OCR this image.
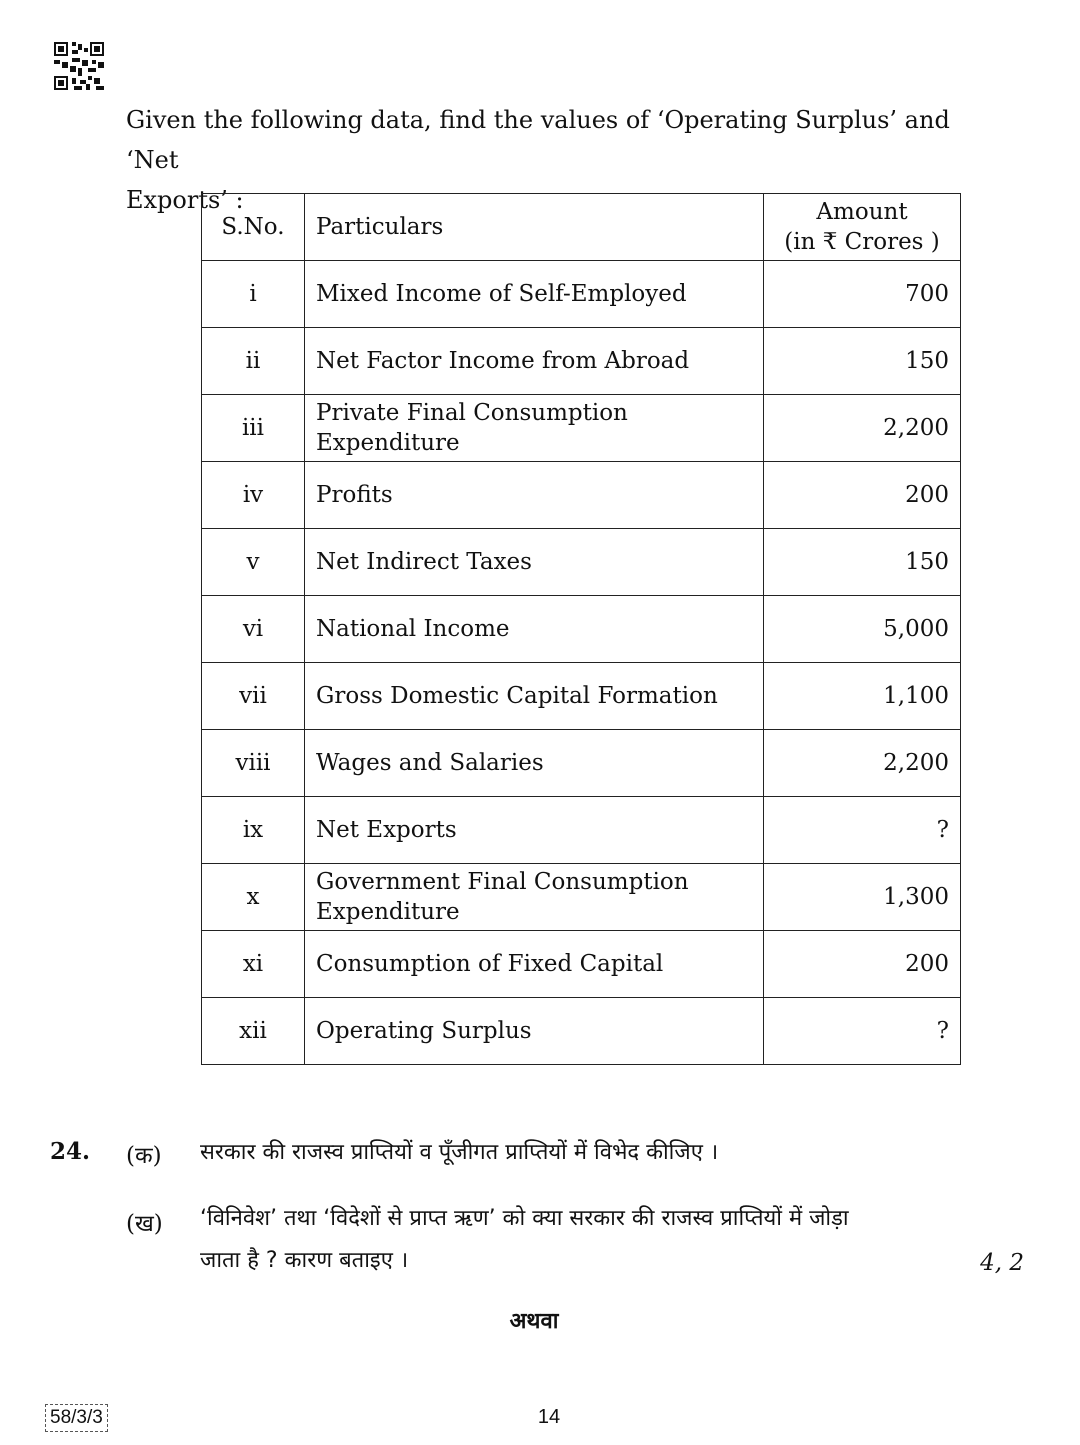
Given the following data, find the values of ‘Operating Surplus’ and ‘Net
Exports’ :
S.No.	Particulars	Amount
(in ₹ Crores )

i	Mixed Income of Self-Employed	700
ii	Net Factor Income from Abroad	150
iii	Private Final Consumption Expenditure	2,200
iv	Profits	200
v	Net Indirect Taxes	150
vi	National Income	5,000
vii	Gross Domestic Capital Formation	1,100
viii	Wages and Salaries	2,200
ix	Net Exports	?
x	Government Final Consumption Expenditure	1,300
xi	Consumption of Fixed Capital	200
xii	Operating Surplus	?
24. (क) सरकार की राजस्व प्राप्तियों व पूँजीगत प्राप्तियों में विभेद कीजिए ।
(ख) ‘विनिवेश’ तथा ‘विदेशों से प्राप्त ऋण’ को क्या सरकार की राजस्व प्राप्तियों में जोड़ा
जाता है ? कारण बताइए ।	4, 2
अथवा
58/3/3	14
